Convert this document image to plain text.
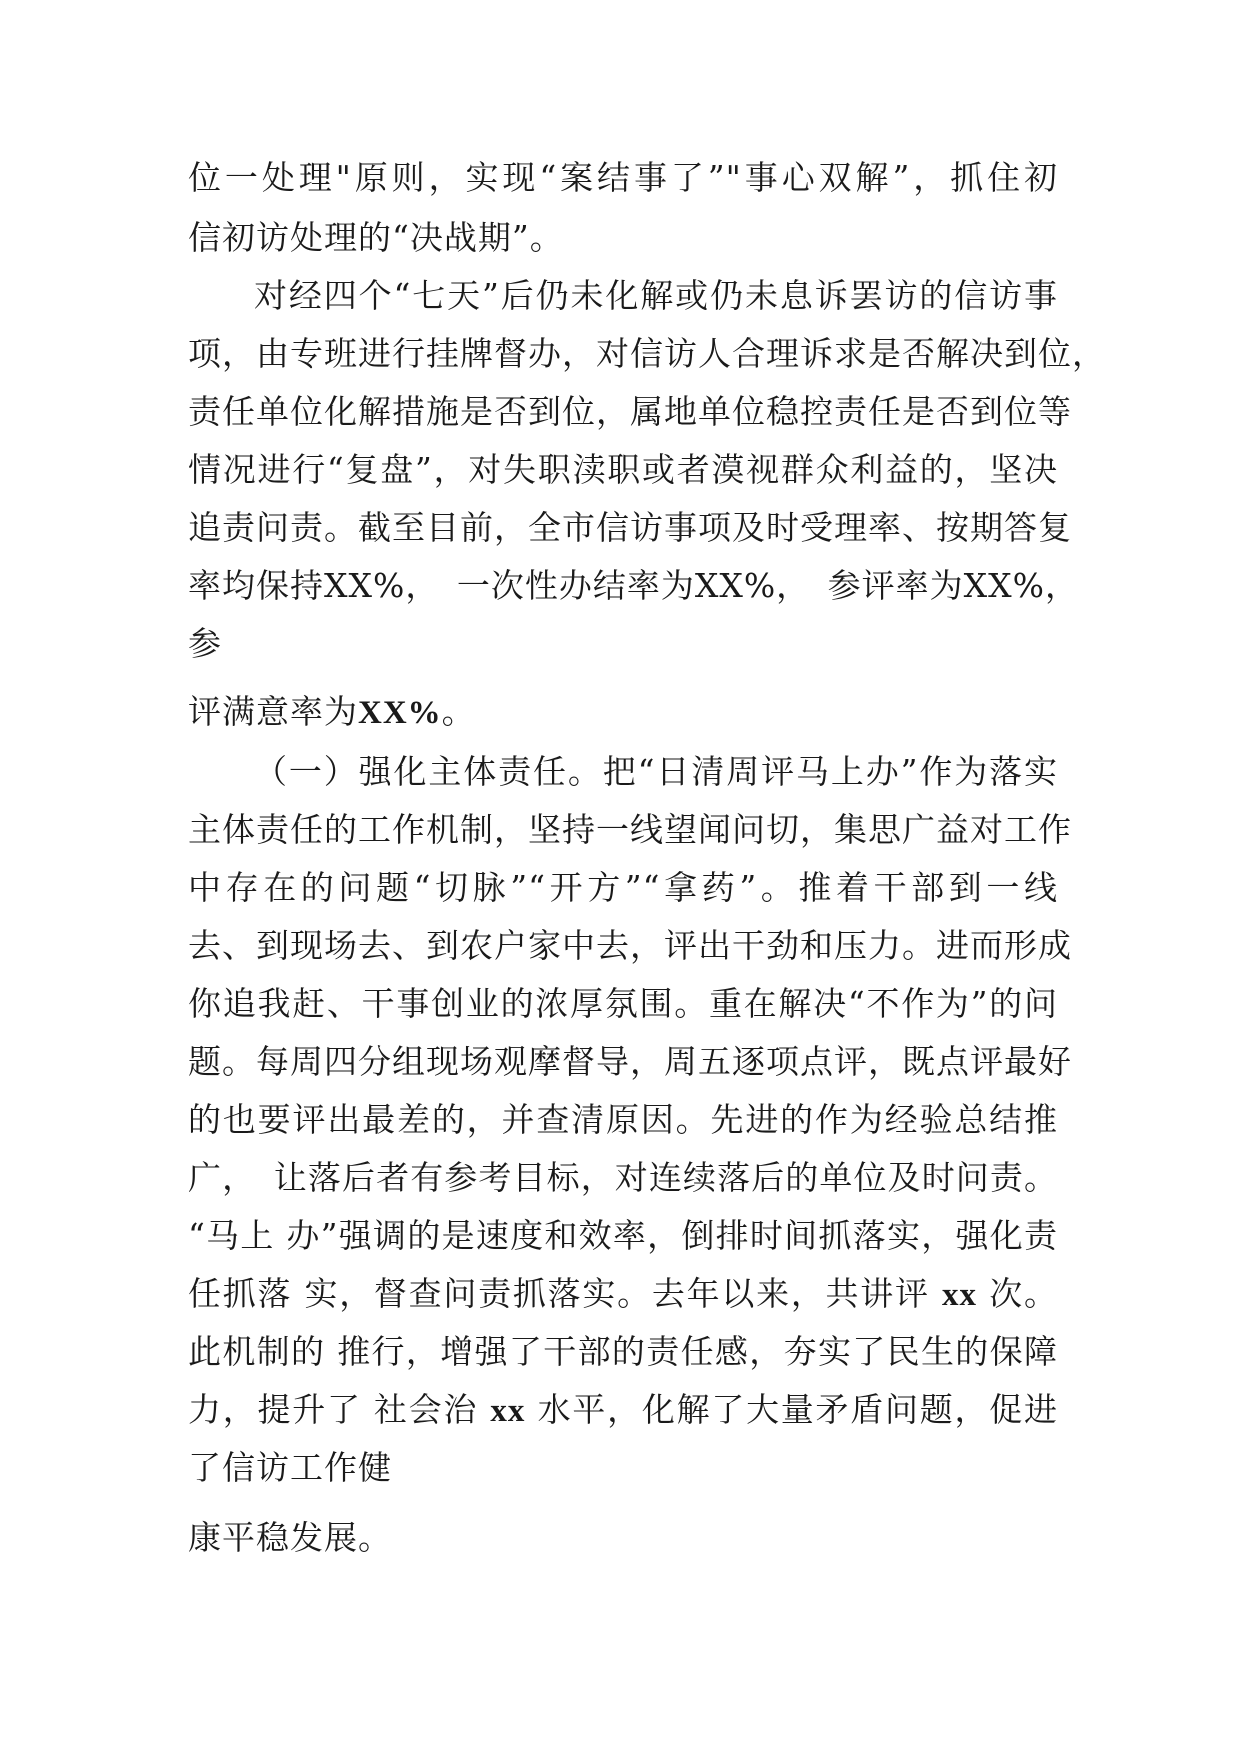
位一处理"原则，实现“案结事了”"事心双解”，抓住初
信初访处理的“决战期”。
对经四个“七天”后仍未化解或仍未息诉罢访的信访事
项，由专班进行挂牌督办，对信访人合理诉求是否解决到位，
责任单位化解措施是否到位，属地单位稳控责任是否到位等
情况进行“复盘”，对失职渎职或者漠视群众利益的，坚决
追责问责。截至目前，全市信访事项及时受理率、按期答复
率均保持XX%，　一次性办结率为XX%，　参评率为XX%，
参
评满意率为XX%。
（一）强化主体责任。把“日清周评马上办”作为落实
主体责任的工作机制，坚持一线望闻问切，集思广益对工作
中存在的问题“切脉”“开方”“拿药”。推着干部到一线
去、到现场去、到农户家中去，评出干劲和压力。进而形成
你追我赶、干事创业的浓厚氛围。重在解决“不作为”的问
题。每周四分组现场观摩督导，周五逐项点评，既点评最好
的也要评出最差的，并查清原因。先进的作为经验总结推
广，　让落后者有参考目标，对连续落后的单位及时问责。
“马上 办”强调的是速度和效率，倒排时间抓落实，强化责
任抓落 实，督查问责抓落实。去年以来，共讲评 xx 次。
此机制的 推行，增强了干部的责任感，夯实了民生的保障
力，提升了 社会治 xx 水平，化解了大量矛盾问题，促进
了信访工作健
康平稳发展。
